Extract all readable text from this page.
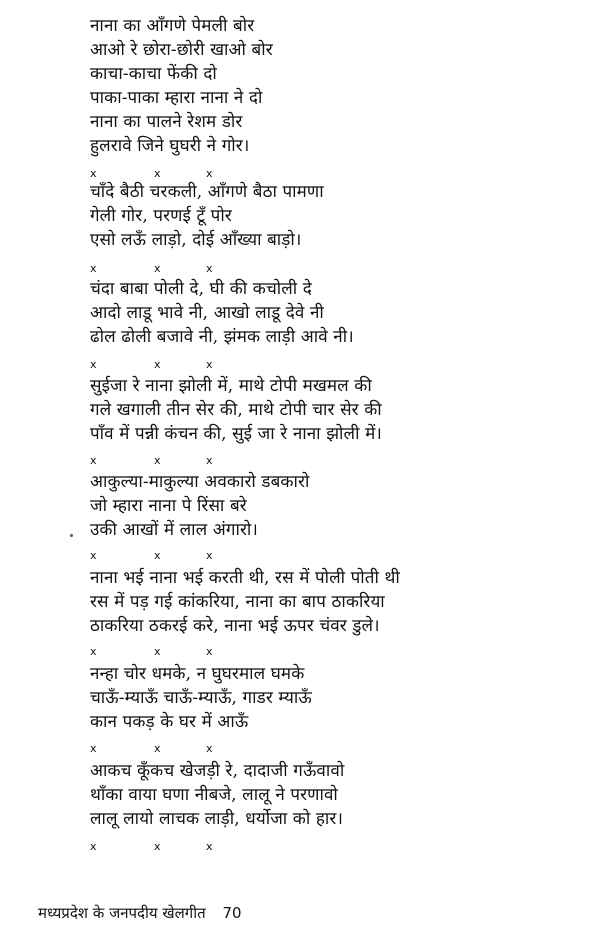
नाना का आँगणे पेमली बोर
आओ रे छोरा-छोरी खाओ बोर
काचा-काचा फेंकी दो
पाका-पाका म्हारा नाना ने दो
नाना का पालने रेशम डोर
हुलरावे जिने घुघरी ने गोर।
x	x	x
चाँदे बैठी चरकली, आँगणे बैठा पामणा
गेली गोर, परणई टूँ पोर
एसो लऊँ लाड़ो, दोई आँख्या बाड़ो।
x	x	x
चंदा बाबा पोली दे, घी की कचोली दे
आदो लाडू भावे नी, आखो लाडू देवे नी
ढोल ढोली बजावे नी, झंमक लाड़ी आवे नी।
x	x	x
सुईजा रे नाना झोली में, माथे टोपी मखमल की
गले खगाली तीन सेर की, माथे टोपी चार सेर की
पाँव में पन्नी कंचन की, सुई जा रे नाना झोली में।
x	x	x
आकुल्या-माकुल्या अवकारो डबकारो
जो म्हारा नाना पे रिंसा बरे
उकी आखों में लाल अंगारो।
x	x	x
नाना भई नाना भई करती थी, रस में पोली पोती थी
रस में पड़ गई कांकरिया, नाना का बाप ठाकरिया
ठाकरिया ठकरई करे, नाना भई ऊपर चंवर डुले।
x	x	x
नन्हा चोर धमके, न घुघरमाल घमके
चाऊँ-म्याऊँ चाऊँ-म्याऊँ, गाडर म्याऊँ
कान पकड़ के घर में आऊँ
x	x	x
आकच कूँकच खेजड़ी रे, दादाजी गऊँवावो
थाँका वाया घणा नीबजे, लालू ने परणावो
लालू लायो लाचक लाड़ी, धर्योजा को हार।
x	x	x
मध्यप्रदेश के जनपदीय खेलगीत 70
